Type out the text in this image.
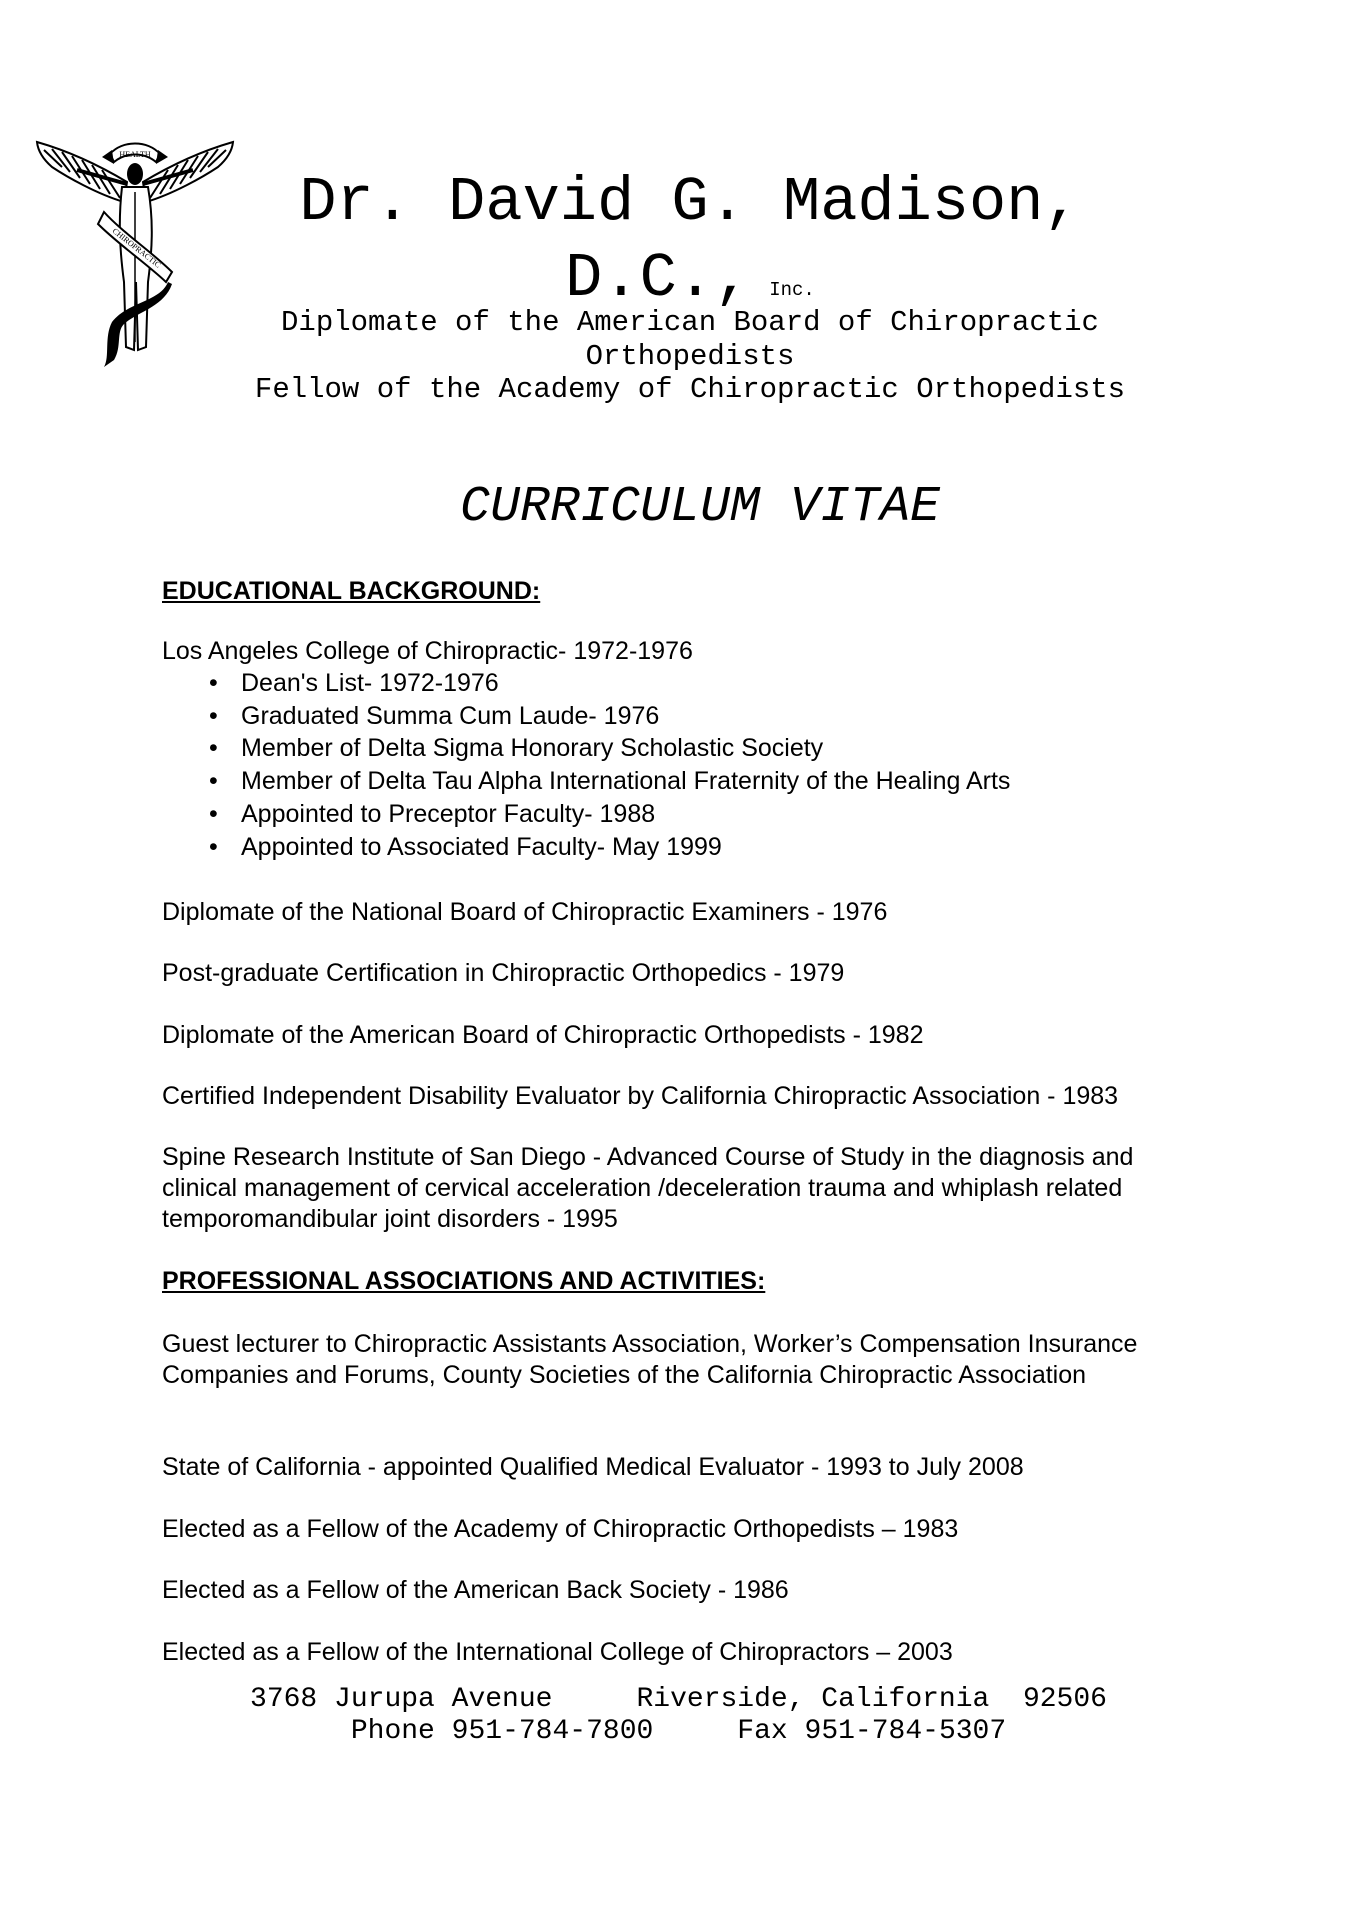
HEALTH
CHIROPRACTIC
Dr. David G. Madison,
D.C., Inc.
Diplomate of the American Board of Chiropractic
Orthopedists
Fellow of the Academy of Chiropractic Orthopedists
CURRICULUM VITAE
EDUCATIONAL BACKGROUND:
Los Angeles College of Chiropractic- 1972-1976
• Dean's List- 1972-1976
• Graduated Summa Cum Laude- 1976
• Member of Delta Sigma Honorary Scholastic Society
• Member of Delta Tau Alpha International Fraternity of the Healing Arts
• Appointed to Preceptor Faculty- 1988
• Appointed to Associated Faculty- May 1999
Diplomate of the National Board of Chiropractic Examiners - 1976
Post-graduate Certification in Chiropractic Orthopedics - 1979
Diplomate of the American Board of Chiropractic Orthopedists - 1982
Certified Independent Disability Evaluator by California Chiropractic Association - 1983
Spine Research Institute of San Diego - Advanced Course of Study in the diagnosis and clinical management of cervical acceleration /deceleration trauma and whiplash related temporomandibular joint disorders - 1995
PROFESSIONAL ASSOCIATIONS AND ACTIVITIES:
Guest lecturer to Chiropractic Assistants Association, Worker’s Compensation Insurance Companies and Forums, County Societies of the California Chiropractic Association
State of California - appointed Qualified Medical Evaluator - 1993 to July 2008
Elected as a Fellow of the Academy of Chiropractic Orthopedists – 1983
Elected as a Fellow of the American Back Society - 1986
Elected as a Fellow of the International College of Chiropractors – 2003
3768 Jurupa Avenue     Riverside, California  92506
Phone 951-784-7800     Fax 951-784-5307
